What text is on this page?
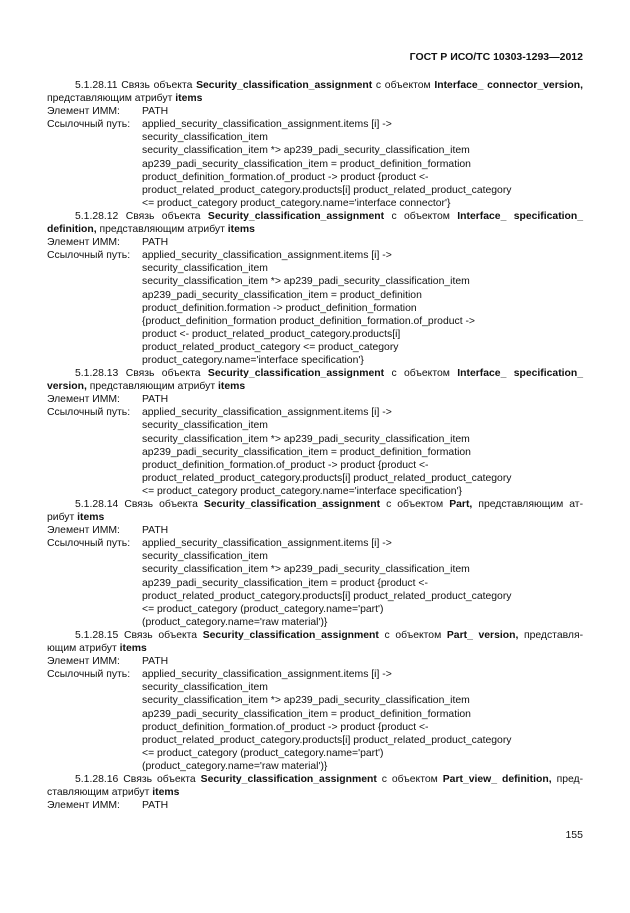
ГОСТ Р ИСО/ТС 10303-1293—2012
5.1.28.11 Связь объекта Security_classification_assignment с объектом Interface_ connector_version, представляющим атрибут items
Элемент ИММ:	PATH
Ссылочный путь:	applied_security_classification_assignment.items [i] ->
security_classification_item
security_classification_item *> ap239_padi_security_classification_item
ap239_padi_security_classification_item = product_definition_formation
product_definition_formation.of_product -> product {product <-
product_related_product_category.products[i] product_related_product_category
<= product_category product_category.name='interface connector'}
5.1.28.12 Связь объекта Security_classification_assignment с объектом Interface_ specification_ definition, представляющим атрибут items
Элемент ИММ:	PATH
Ссылочный путь:	applied_security_classification_assignment.items [i] ->
security_classification_item
security_classification_item *> ap239_padi_security_classification_item
ap239_padi_security_classification_item = product_definition
product_definition.formation -> product_definition_formation
{product_definition_formation product_definition_formation.of_product ->
product <- product_related_product_category.products[i]
product_related_product_category <= product_category
product_category.name='interface specification'}
5.1.28.13 Связь объекта Security_classification_assignment с объектом Interface_ specification_ version, представляющим атрибут items
Элемент ИММ:	PATH
Ссылочный путь:	applied_security_classification_assignment.items [i] ->
security_classification_item
security_classification_item *> ap239_padi_security_classification_item
ap239_padi_security_classification_item = product_definition_formation
product_definition_formation.of_product -> product {product <-
product_related_product_category.products[i] product_related_product_category
<= product_category product_category.name='interface specification'}
5.1.28.14 Связь объекта Security_classification_assignment с объектом Part, представляющим ат- рибут items
Элемент ИММ:	PATH
Ссылочный путь:	applied_security_classification_assignment.items [i] ->
security_classification_item
security_classification_item *> ap239_padi_security_classification_item
ap239_padi_security_classification_item = product {product <-
product_related_product_category.products[i] product_related_product_category
<= product_category (product_category.name='part')
(product_category.name='raw material')}
5.1.28.15 Связь объекта Security_classification_assignment с объектом Part_ version, представля- ющим атрибут items
Элемент ИММ:	PATH
Ссылочный путь:	applied_security_classification_assignment.items [i] ->
security_classification_item
security_classification_item *> ap239_padi_security_classification_item
ap239_padi_security_classification_item = product_definition_formation
product_definition_formation.of_product -> product {product <-
product_related_product_category.products[i] product_related_product_category
<= product_category (product_category.name='part')
(product_category.name='raw material')}
5.1.28.16 Связь объекта Security_classification_assignment с объектом Part_view_ definition, пред- ставляющим атрибут items
Элемент ИММ:	PATH
155
